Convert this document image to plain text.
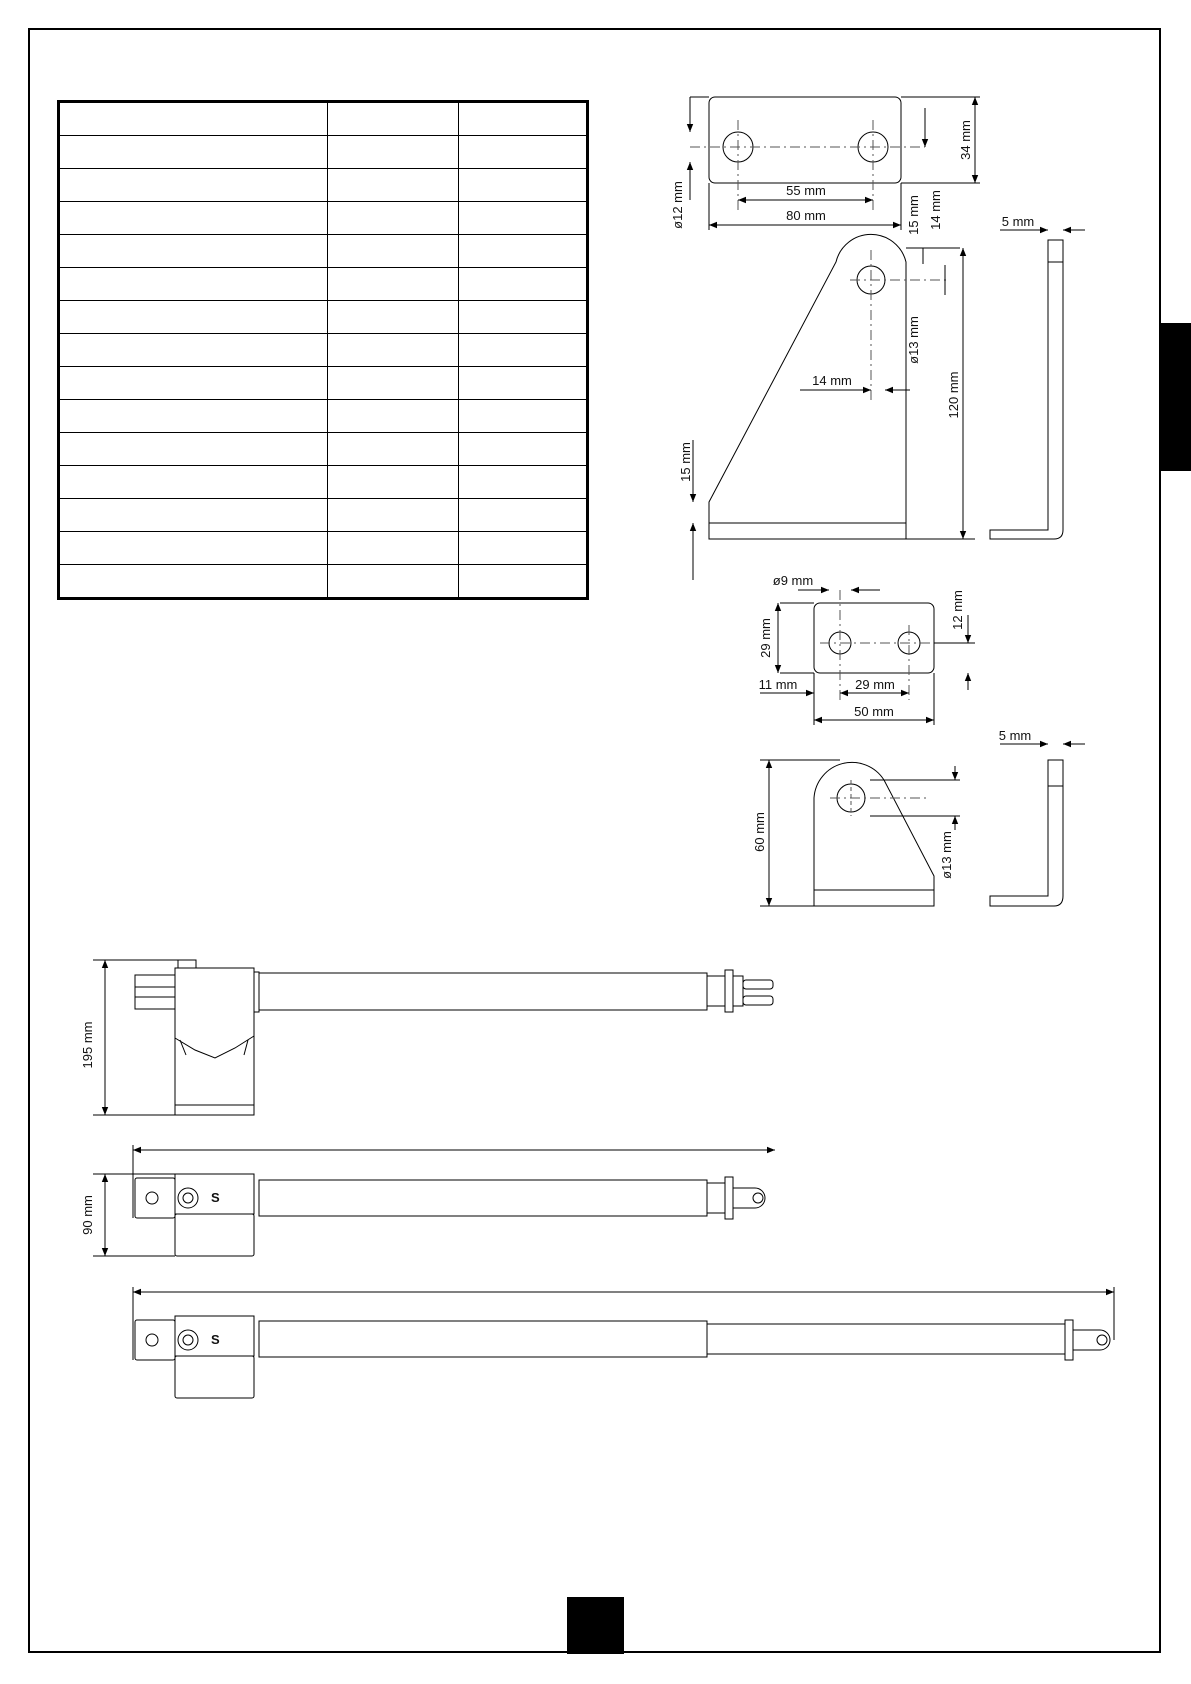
ø12 mm	55 mm
80 mm
34 mm
15 mm 14 mm
ø13 mm
14 mm	120 mm
15 mm
5 mm
ø9 mm
29 mm
12 mm
11 mm	29 mm
50 mm
60 mm	ø13 mm
5 mm
195 mm
S
90 mm
S
